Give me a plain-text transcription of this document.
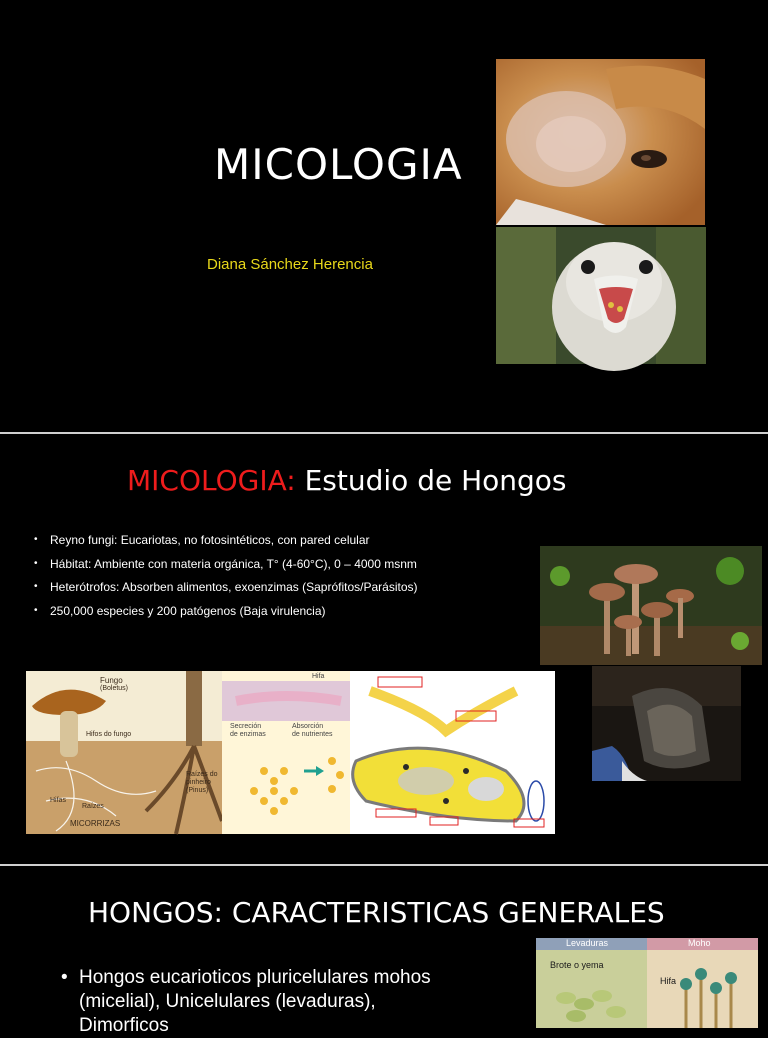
MICOLOGIA
Diana Sánchez Herencia
MICOLOGIA: Estudio de Hongos
• Reyno fungi: Eucariotas, no fotosintéticos, con pared celular
• Hábitat: Ambiente con materia orgánica, T° (4-60°C), 0 – 4000 msnm
• Heterótrofos: Absorben alimentos, exoenzimas (Saprófitos/Parásitos)
• 250,000 especies y 200 patógenos (Baja virulencia)
Fungo
(Boletus)
Hifos do fungo
Raízes do
pinheiro
(Pinus)
Hifas
Raízes
MICORRIZAS
Hifa
Secreción
de enzimas
Absorción
de nutrientes
HONGOS: CARACTERISTICAS GENERALES
• Hongos eucarioticos pluricelulares mohos
(micelial), Unicelulares (levaduras),
Dimorficos
Levaduras	Moho
Brote o yema
Hifa
